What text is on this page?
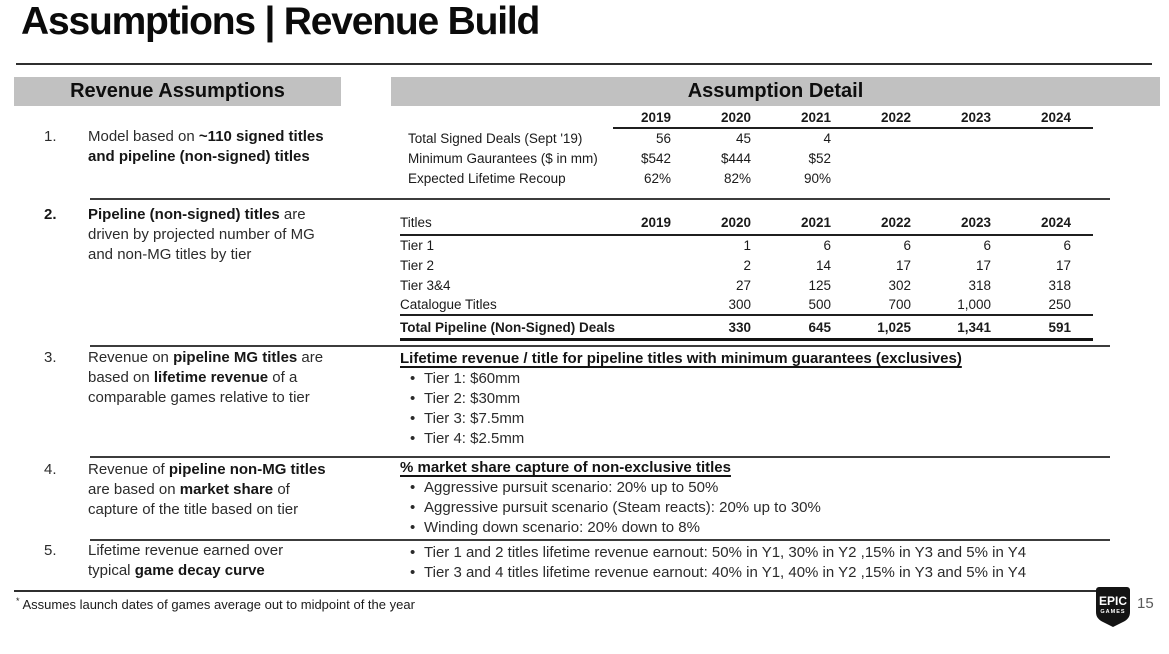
Assumptions | Revenue Build
Revenue Assumptions	Assumption Detail
1.	Model based on ~110 signed titles
and pipeline (non-signed) titles
2.	Pipeline (non-signed) titles are
driven by projected number of MG
and non-MG titles by tier
3.	Revenue on pipeline MG titles are
based on lifetime revenue of a
comparable games relative to tier
4.	Revenue of pipeline non-MG titles
are based on market share of
capture of the title based on tier
5.	Lifetime revenue earned over
typical game decay curve
	2019	2020	2021	2022	2023	2024
Total Signed Deals (Sept '19)	56	45	4			
Minimum Gaurantees ($ in mm)	$542	$444	$52			
Expected Lifetime Recoup	62%	82%	90%			
Titles	2019	2020	2021	2022	2023	2024
Tier 1		1	6	6	6	6
Tier 2		2	14	17	17	17
Tier 3&4		27	125	302	318	318
Catalogue Titles		300	500	700	1,000	250
Total Pipeline (Non-Signed) Deals		330	645	1,025	1,341	591
Lifetime revenue / title for pipeline titles with minimum guarantees (exclusives)
• Tier 1: $60mm
• Tier 2: $30mm
• Tier 3: $7.5mm
• Tier 4: $2.5mm
% market share capture of non-exclusive titles
• Aggressive pursuit scenario: 20% up to 50%
• Aggressive pursuit scenario (Steam reacts): 20% up to 30%
• Winding down scenario: 20% down to 8%
• Tier 1 and 2 titles lifetime revenue earnout: 50% in Y1, 30% in Y2 ,15% in Y3 and 5% in Y4
• Tier 3 and 4 titles lifetime revenue earnout: 40% in Y1, 40% in Y2 ,15% in Y3 and 5% in Y4
* Assumes launch dates of games average out to midpoint of the year	EPIC
GAMES 15
